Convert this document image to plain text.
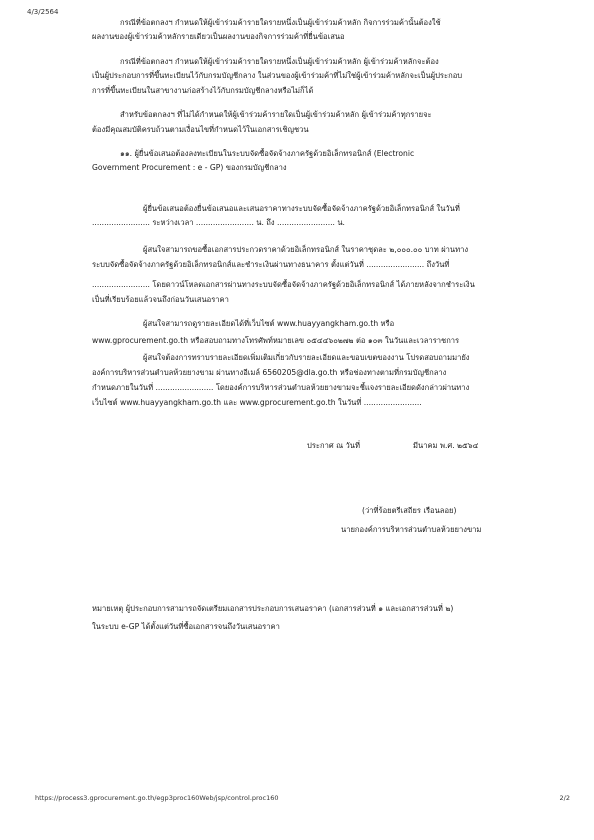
4/3/2564
กรณีที่ข้อตกลงฯ กำหนดให้ผู้เข้าร่วมค้ารายใดรายหนึ่งเป็นผู้เข้าร่วมค้าหลัก กิจการร่วมค้านั้นต้องใช้
ผลงานของผู้เข้าร่วมค้าหลักรายเดียวเป็นผลงานของกิจการร่วมค้าที่ยื่นข้อเสนอ
กรณีที่ข้อตกลงฯ กำหนดให้ผู้เข้าร่วมค้ารายใดรายหนึ่งเป็นผู้เข้าร่วมค้าหลัก ผู้เข้าร่วมค้าหลักจะต้อง
เป็นผู้ประกอบการที่ขึ้นทะเบียนไว้กับกรมบัญชีกลาง ในส่วนของผู้เข้าร่วมค้าที่ไม่ใช่ผู้เข้าร่วมค้าหลักจะเป็นผู้ประกอบ
การที่ขึ้นทะเบียนในสาขางานก่อสร้างไว้กับกรมบัญชีกลางหรือไม่ก็ได้
สำหรับข้อตกลงฯ ที่ไม่ได้กำหนดให้ผู้เข้าร่วมค้ารายใดเป็นผู้เข้าร่วมค้าหลัก ผู้เข้าร่วมค้าทุกรายจะ
ต้องมีคุณสมบัติครบถ้วนตามเงื่อนไขที่กำหนดไว้ในเอกสารเชิญชวน
๑๑. ผู้ยื่นข้อเสนอต้องลงทะเบียนในระบบจัดซื้อจัดจ้างภาครัฐด้วยอิเล็กทรอนิกส์ (Electronic
Government Procurement : e - GP) ของกรมบัญชีกลาง
ผู้ยื่นข้อเสนอต้องยื่นข้อเสนอและเสนอราคาทางระบบจัดซื้อจัดจ้างภาครัฐด้วยอิเล็กทรอนิกส์ ในวันที่
........................ ระหว่างเวลา ........................ น. ถึง ........................ น.
ผู้สนใจสามารถขอซื้อเอกสารประกวดราคาด้วยอิเล็กทรอนิกส์ ในราคาชุดละ ๒,๐๐๐.๐๐ บาท ผ่านทาง
ระบบจัดซื้อจัดจ้างภาครัฐด้วยอิเล็กทรอนิกส์และชำระเงินผ่านทางธนาคาร ตั้งแต่วันที่ ........................ ถึงวันที่
........................ โดยดาวน์โหลดเอกสารผ่านทางระบบจัดซื้อจัดจ้างภาครัฐด้วยอิเล็กทรอนิกส์ ได้ภายหลังจากชำระเงิน
เป็นที่เรียบร้อยแล้วจนถึงก่อนวันเสนอราคา
ผู้สนใจสามารถดูรายละเอียดได้ที่เว็บไซต์ www.huayyangkham.go.th หรือ
www.gprocurement.go.th หรือสอบถามทางโทรศัพท์หมายเลข ๐๕๔๔๖๐๒๗๒ ต่อ ๑๐๓ ในวันและเวลาราชการ
ผู้สนใจต้องการทราบรายละเอียดเพิ่มเติมเกี่ยวกับรายละเอียดและขอบเขตของงาน โปรดสอบถามมายัง
องค์การบริหารส่วนตำบลห้วยยางขาม ผ่านทางอีเมล์ 6560205@dla.go.th หรือช่องทางตามที่กรมบัญชีกลาง
กำหนดภายในวันที่ ........................ โดยองค์การบริหารส่วนตำบลห้วยยางขามจะชี้แจงรายละเอียดดังกล่าวผ่านทาง
เว็บไซต์ www.huayyangkham.go.th และ www.gprocurement.go.th ในวันที่ ........................
ประกาศ ณ วันที่	มีนาคม พ.ศ. ๒๕๖๔
(ว่าที่ร้อยตรีเสถียร เรือนลอย)
นายกองค์การบริหารส่วนตำบลห้วยยางขาม
หมายเหตุ ผู้ประกอบการสามารถจัดเตรียมเอกสารประกอบการเสนอราคา (เอกสารส่วนที่ ๑ และเอกสารส่วนที่ ๒)
ในระบบ e-GP ได้ตั้งแต่วันที่ซื้อเอกสารจนถึงวันเสนอราคา
https://process3.gprocurement.go.th/egp3proc160Web/jsp/control.proc160	2/2
